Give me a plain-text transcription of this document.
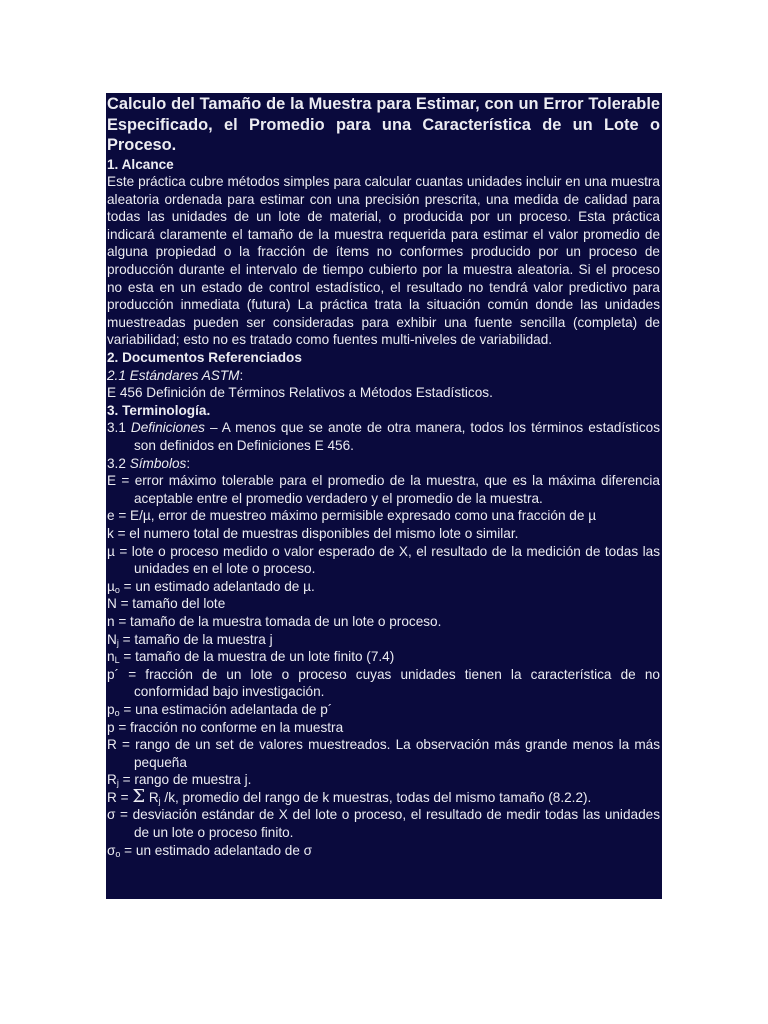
Calculo del Tamaño de la Muestra para Estimar, con un Error Tolerable Especificado, el Promedio para una Característica de un Lote o Proceso.

1. Alcance

Este práctica cubre métodos simples para calcular cuantas unidades incluir en una muestra aleatoria ordenada para estimar con una precisión prescrita, una medida de calidad para todas las unidades de un lote de material, o producida por un proceso. Esta práctica indicará claramente el tamaño de la muestra requerida para estimar el valor promedio de alguna propiedad o la fracción de ítems no conformes producido por un proceso de producción durante el intervalo de tiempo cubierto por la muestra aleatoria. Si el proceso no esta en un estado de control estadístico, el resultado no tendrá valor predictivo para producción inmediata (futura) La práctica trata la situación común donde las unidades muestreadas pueden ser consideradas para exhibir una fuente sencilla (completa) de variabilidad; esto no es tratado como fuentes multi-niveles de variabilidad.

2. Documentos Referenciados

2.1 Estándares ASTM:

E 456 Definición de Términos Relativos a Métodos Estadísticos.

3. Terminología.

3.1 Definiciones – A menos que se anote de otra manera, todos los términos estadísticos son definidos en Definiciones E 456.

3.2 Símbolos:

E = error máximo tolerable para el promedio de la muestra, que es la máxima diferencia aceptable entre el promedio verdadero y el promedio de la muestra.

e = E/µ, error de muestreo máximo permisible expresado como una fracción de µ

k = el numero total de muestras disponibles del mismo lote o similar.

µ = lote o proceso medido o valor esperado de X, el resultado de la medición de todas las unidades en el lote o proceso.

µ$_o$ = un estimado adelantado de µ.

N = tamaño del lote

n = tamaño de la muestra tomada de un lote o proceso.

$N_j$ = tamaño de la muestra j

$n_L$ = tamaño de la muestra de un lote finito (7.4)

p´ = fracción de un lote o proceso cuyas unidades tienen la característica de no conformidad bajo investigación.

$p_o$ = una estimación adelantada de p´

p = fracción no conforme en la muestra

R = rango de un set de valores muestreados. La observación más grande menos la más pequeña

$R_j$ = rango de muestra j.

R = Σ $R_j$ /k, promedio del rango de k muestras, todas del mismo tamaño (8.2.2).

σ = desviación estándar de X del lote o proceso, el resultado de medir todas las unidades de un lote o proceso finito.

$\sigma_o$ = un estimado adelantado de σ
